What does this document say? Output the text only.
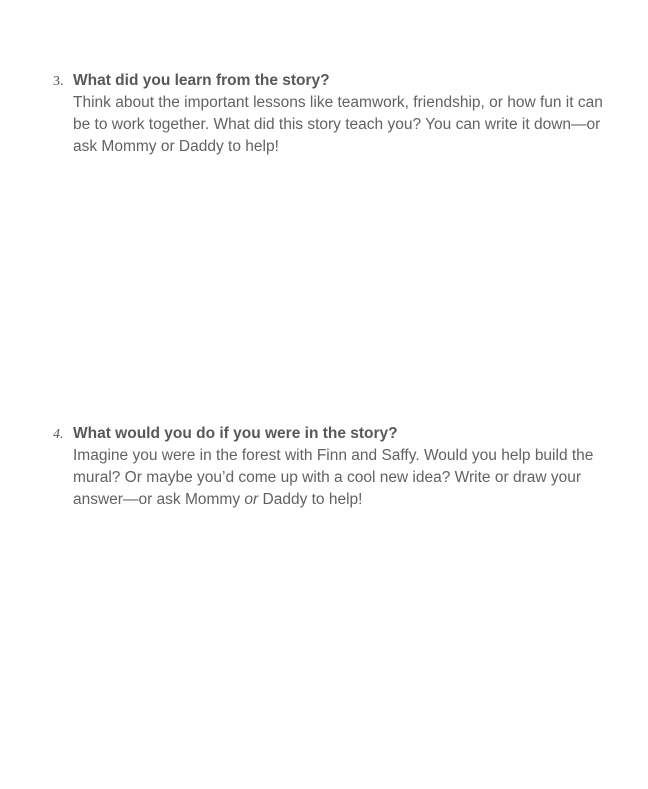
3. What did you learn from the story?

Think about the important lessons like teamwork, friendship, or how fun it can be to work together. What did this story teach you? You can write it down—or ask Mommy or Daddy to help!

4. What would you do if you were in the story?

Imagine you were in the forest with Finn and Saffy. Would you help build the mural? Or maybe you’d come up with a cool new idea? Write or draw your answer—or ask Mommy or Daddy to help!
